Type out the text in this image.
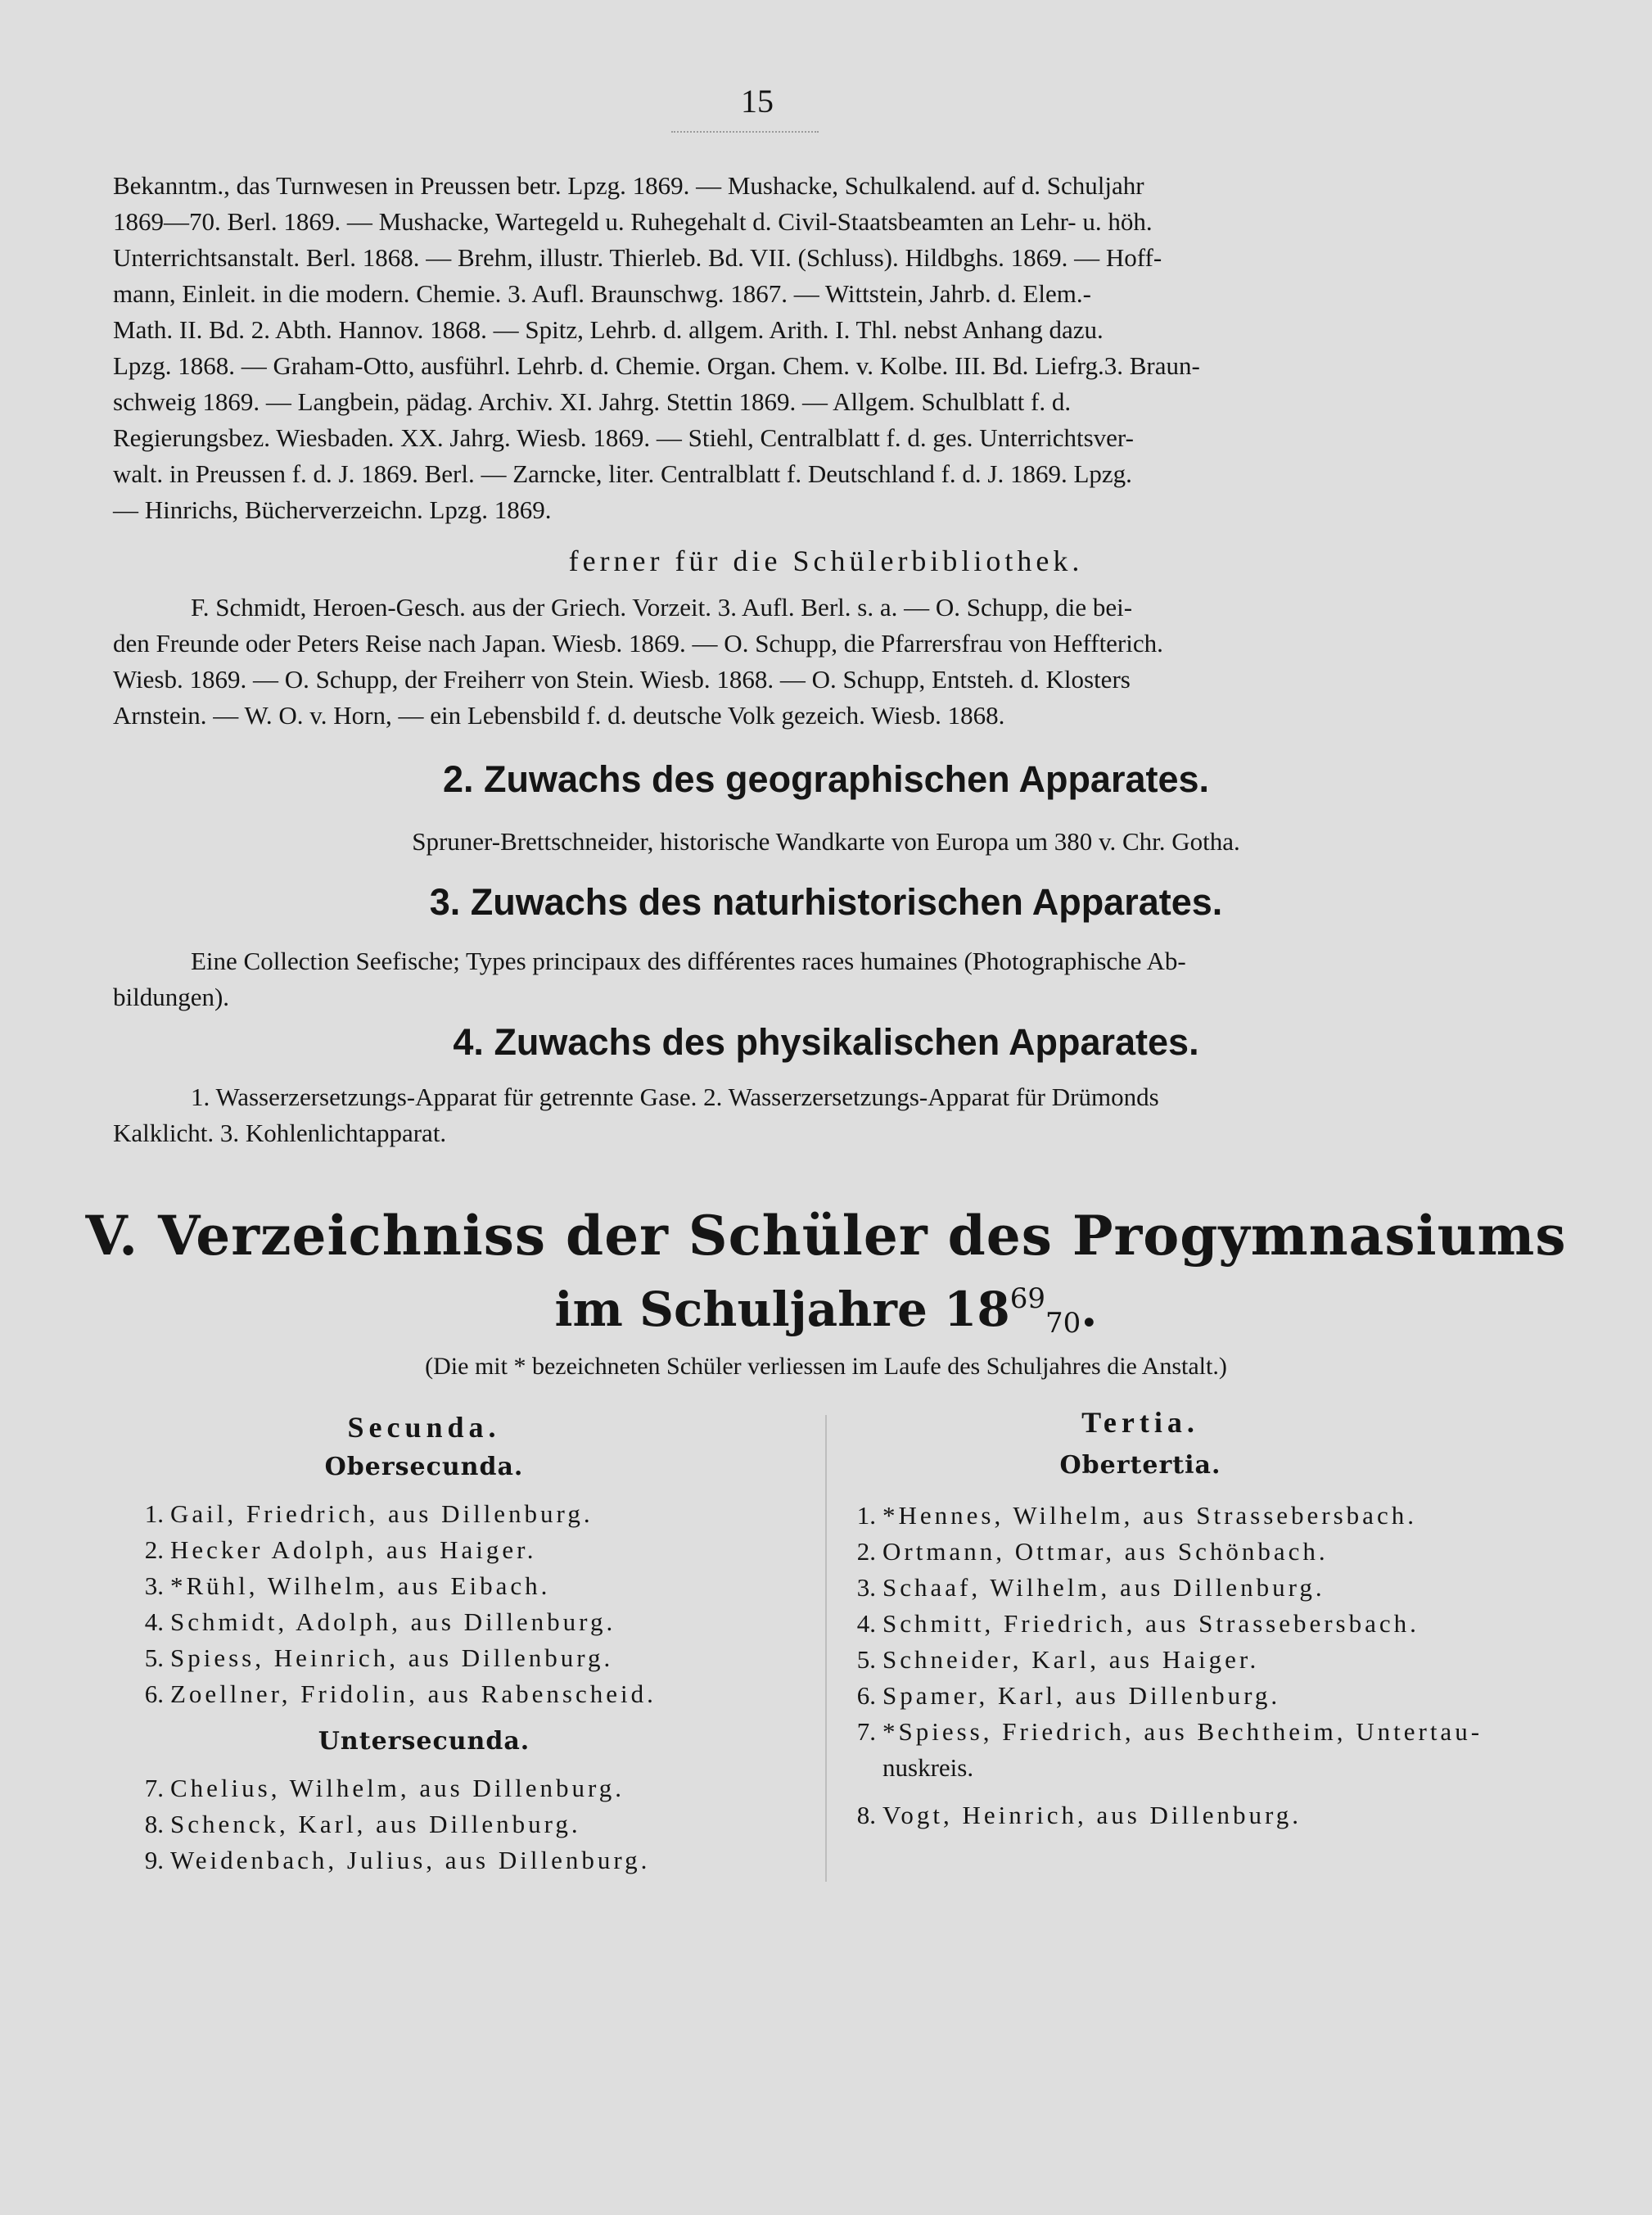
15
Bekanntm., das Turnwesen in Preussen betr. Lpzg. 1869. — Mushacke, Schulkalend. auf d. Schuljahr
1869—70. Berl. 1869. — Mushacke, Wartegeld u. Ruhegehalt d. Civil-Staatsbeamten an Lehr- u. höh.
Unterrichtsanstalt. Berl. 1868. — Brehm, illustr. Thierleb. Bd. VII. (Schluss). Hildbghs. 1869. — Hoff-
mann, Einleit. in die modern. Chemie. 3. Aufl. Braunschwg. 1867. — Wittstein, Jahrb. d. Elem.-
Math. II. Bd. 2. Abth. Hannov. 1868. — Spitz, Lehrb. d. allgem. Arith. I. Thl. nebst Anhang dazu.
Lpzg. 1868. — Graham-Otto, ausführl. Lehrb. d. Chemie. Organ. Chem. v. Kolbe. III. Bd. Liefrg.3. Braun-
schweig 1869. — Langbein, pädag. Archiv. XI. Jahrg. Stettin 1869. — Allgem. Schulblatt f. d.
Regierungsbez. Wiesbaden. XX. Jahrg. Wiesb. 1869. — Stiehl, Centralblatt f. d. ges. Unterrichtsver-
walt. in Preussen f. d. J. 1869. Berl. — Zarncke, liter. Centralblatt f. Deutschland f. d. J. 1869. Lpzg.
— Hinrichs, Bücherverzeichn. Lpzg. 1869.
ferner für die Schülerbibliothek.
F. Schmidt, Heroen-Gesch. aus der Griech. Vorzeit. 3. Aufl. Berl. s. a. — O. Schupp, die bei-
den Freunde oder Peters Reise nach Japan. Wiesb. 1869. — O. Schupp, die Pfarrersfrau von Heffterich.
Wiesb. 1869. — O. Schupp, der Freiherr von Stein. Wiesb. 1868. — O. Schupp, Entsteh. d. Klosters
Arnstein. — W. O. v. Horn, — ein Lebensbild f. d. deutsche Volk gezeich. Wiesb. 1868.
2. Zuwachs des geographischen Apparates.
Spruner-Brettschneider, historische Wandkarte von Europa um 380 v. Chr. Gotha.
3. Zuwachs des naturhistorischen Apparates.
Eine Collection Seefische; Types principaux des différentes races humaines (Photographische Ab-
bildungen).
4. Zuwachs des physikalischen Apparates.
1. Wasserzersetzungs-Apparat für getrennte Gase. 2. Wasserzersetzungs-Apparat für Drümonds
Kalklicht. 3. Kohlenlichtapparat.
V. Verzeichniss der Schüler des Progymnasiums
im Schuljahre $18^{69}_{70}$.
(Die mit * bezeichneten Schüler verliessen im Laufe des Schuljahres die Anstalt.)
Secunda.
Obersecunda.
1. Gail, Friedrich, aus Dillenburg.
2. Hecker Adolph, aus Haiger.
3. *Rühl, Wilhelm, aus Eibach.
4. Schmidt, Adolph, aus Dillenburg.
5. Spiess, Heinrich, aus Dillenburg.
6. Zoellner, Fridolin, aus Rabenscheid.
Untersecunda.
7. Chelius, Wilhelm, aus Dillenburg.
8. Schenck, Karl, aus Dillenburg.
9. Weidenbach, Julius, aus Dillenburg.
Tertia.
Obertertia.
1. *Hennes, Wilhelm, aus Strassebersbach.
2. Ortmann, Ottmar, aus Schönbach.
3. Schaaf, Wilhelm, aus Dillenburg.
4. Schmitt, Friedrich, aus Strassebersbach.
5. Schneider, Karl, aus Haiger.
6. Spamer, Karl, aus Dillenburg.
7. *Spiess, Friedrich, aus Bechtheim, Untertau-
nuskreis.
8. Vogt, Heinrich, aus Dillenburg.
